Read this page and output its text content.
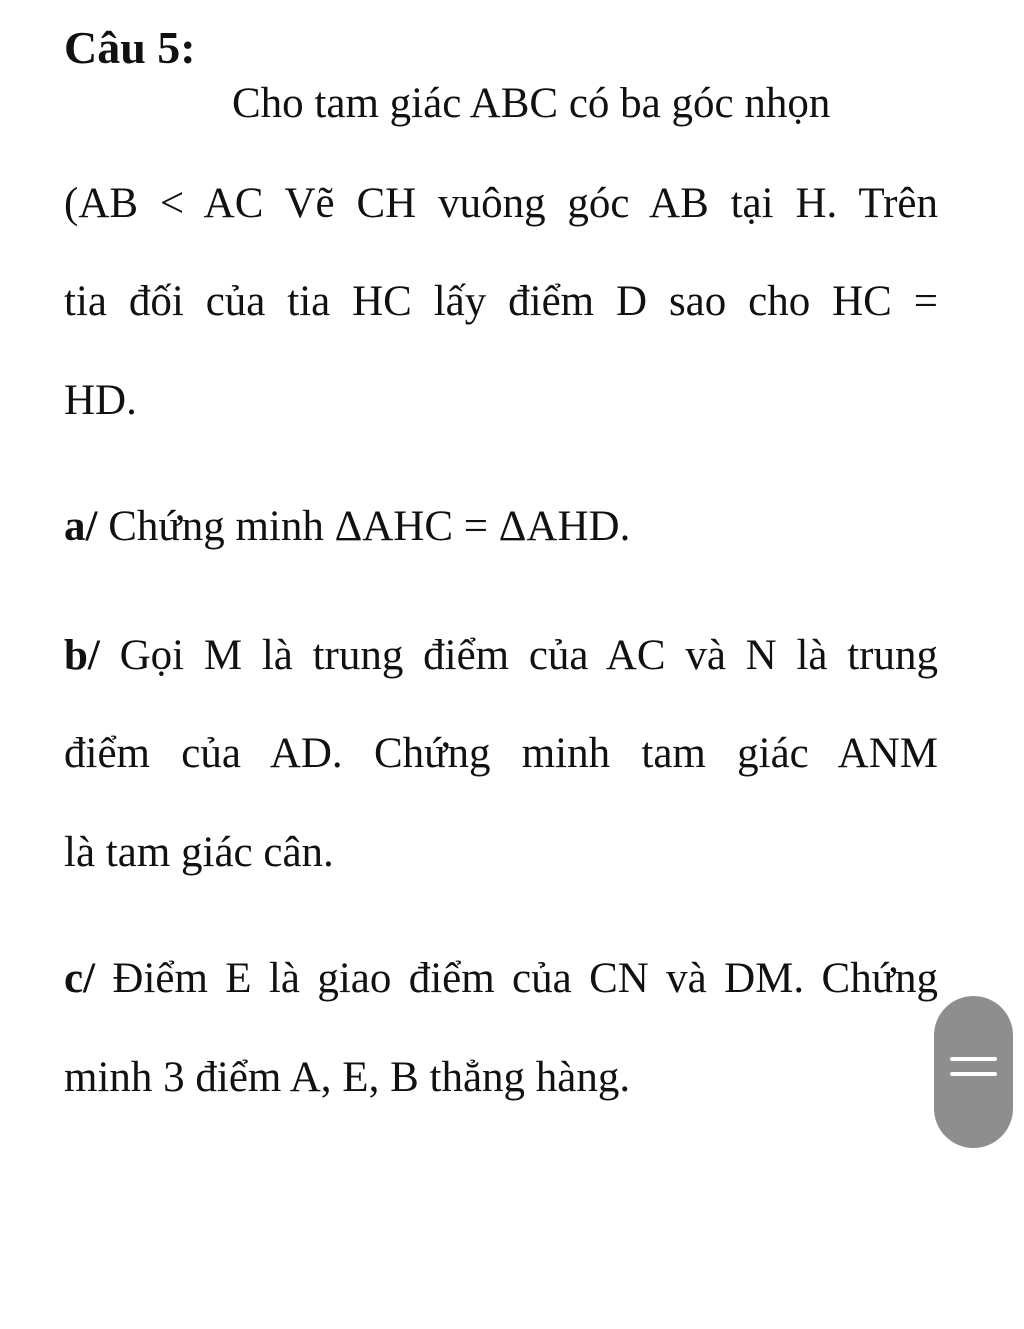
Câu 5:
Cho tam giác ABC có ba góc nhọn
(AB < AC Vẽ CH vuông góc AB tại H. Trên
tia đối của tia HC lấy điểm D sao cho HC =
HD.
a/ Chứng minh ΔAHC = ΔAHD.
b/ Gọi M là trung điểm của AC và N là trung
điểm của AD. Chứng minh tam giác ANM
là tam giác cân.
c/ Điểm E là giao điểm của CN và DM. Chứng
minh 3 điểm A, E, B thẳng hàng.
